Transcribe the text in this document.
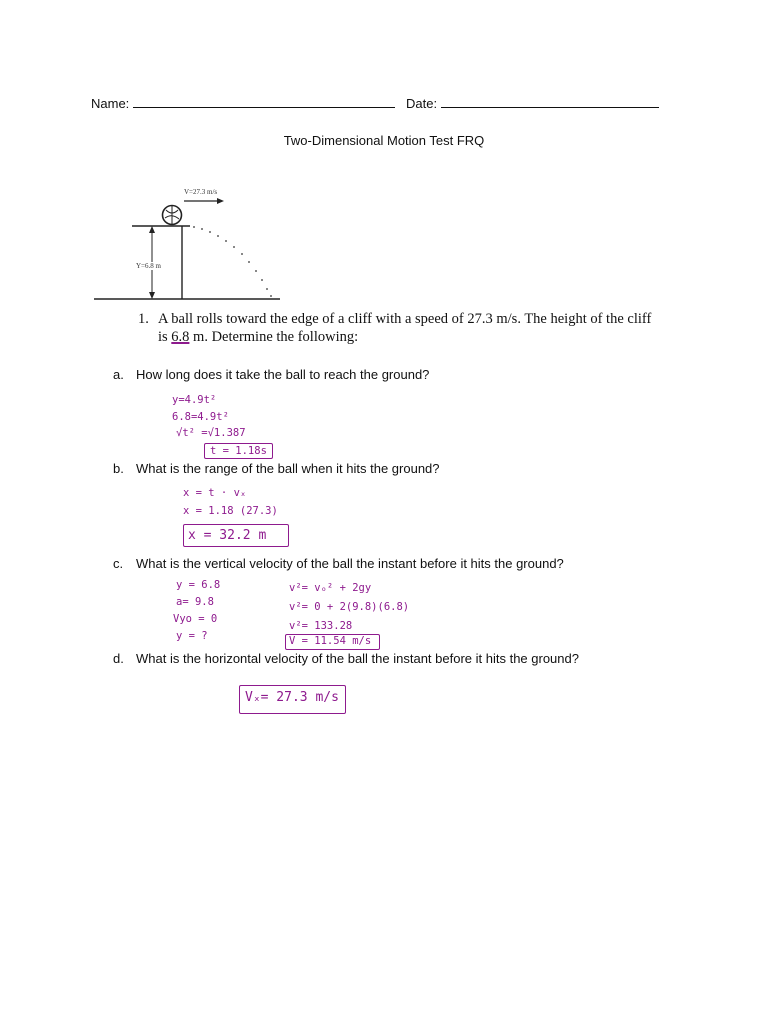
Name:	Date:
Two-Dimensional Motion Test FRQ
V=27.3 m/s
Y=6.8 m
1. A ball rolls toward the edge of a cliff with a speed of 27.3 m/s. The height of the cliff
is 6.8 m. Determine the following:
a. How long does it take the ball to reach the ground?
y=4.9t²
6.8=4.9t²
√t² =√1.387
t = 1.18s
b. What is the range of the ball when it hits the ground?
x = t · vₓ
x = 1.18 (27.3)
x = 32.2 m
c. What is the vertical velocity of the ball the instant before it hits the ground?
y = 6.8
a= 9.8
Vyo = 0
y = ?
v²= vₒ² + 2gy
v²= 0 + 2(9.8)(6.8)
v²= 133.28
V = 11.54 m/s
d. What is the horizontal velocity of the ball the instant before it hits the ground?
Vₓ= 27.3 m/s
